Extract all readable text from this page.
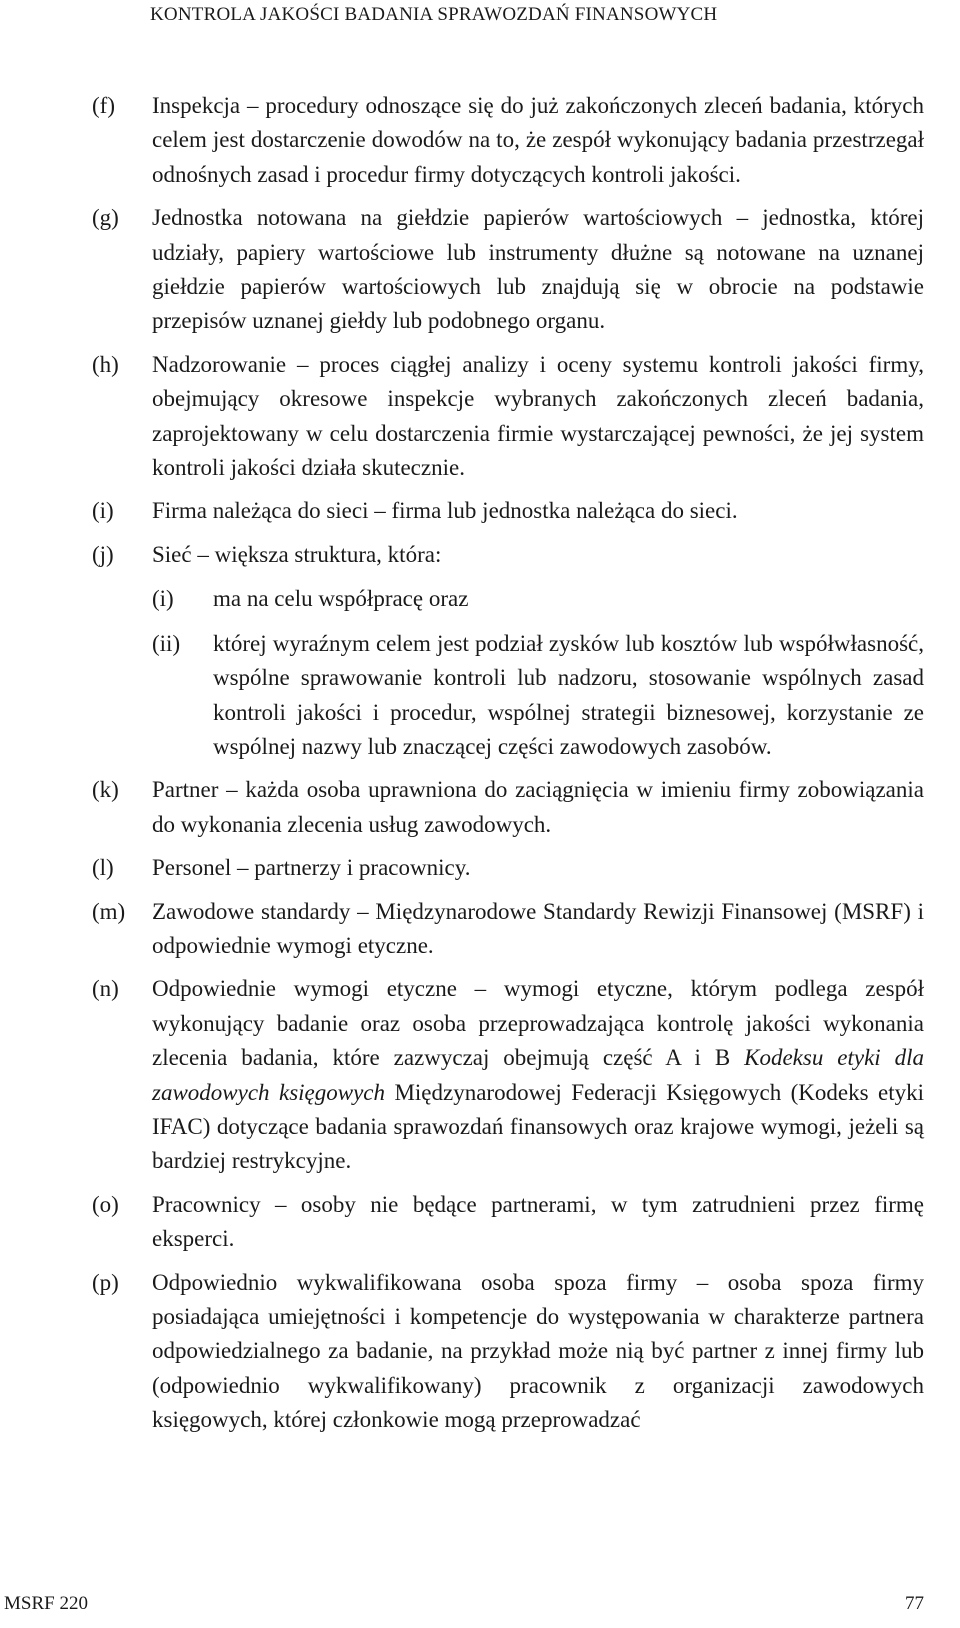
KONTROLA JAKOŚCI BADANIA SPRAWOZDAŃ FINANSOWYCH
(f) Inspekcja – procedury odnoszące się do już zakończonych zleceń badania, których celem jest dostarczenie dowodów na to, że zespół wykonujący badania przestrzegał odnośnych zasad i procedur firmy dotyczących kontroli jakości.
(g) Jednostka notowana na giełdzie papierów wartościowych – jednostka, której udziały, papiery wartościowe lub instrumenty dłużne są notowane na uznanej giełdzie papierów wartościowych lub znajdują się w obrocie na podstawie przepisów uznanej giełdy lub podobnego organu.
(h) Nadzorowanie – proces ciągłej analizy i oceny systemu kontroli jakości firmy, obejmujący okresowe inspekcje wybranych zakończonych zleceń badania, zaprojektowany w celu dostarczenia firmie wystarczającej pewności, że jej system kontroli jakości działa skutecznie.
(i) Firma należąca do sieci – firma lub jednostka należąca do sieci.
(j) Sieć – większa struktura, która:
(i) ma na celu współpracę oraz
(ii) której wyraźnym celem jest podział zysków lub kosztów lub współwłasność, wspólne sprawowanie kontroli lub nadzoru, stosowanie wspólnych zasad kontroli jakości i procedur, wspólnej strategii biznesowej, korzystanie ze wspólnej nazwy lub znaczącej części zawodowych zasobów.
(k) Partner – każda osoba uprawniona do zaciągnięcia w imieniu firmy zobowiązania do wykonania zlecenia usług zawodowych.
(l) Personel – partnerzy i pracownicy.
(m) Zawodowe standardy – Międzynarodowe Standardy Rewizji Finansowej (MSRF) i odpowiednie wymogi etyczne.
(n) Odpowiednie wymogi etyczne – wymogi etyczne, którym podlega zespół wykonujący badanie oraz osoba przeprowadzająca kontrolę jakości wykonania zlecenia badania, które zazwyczaj obejmują część A i B Kodeksu etyki dla zawodowych księgowych Międzynarodowej Federacji Księgowych (Kodeks etyki IFAC) dotyczące badania sprawozdań finansowych oraz krajowe wymogi, jeżeli są bardziej restrykcyjne.
(o) Pracownicy – osoby nie będące partnerami, w tym zatrudnieni przez firmę eksperci.
(p) Odpowiednio wykwalifikowana osoba spoza firmy – osoba spoza firmy posiadająca umiejętności i kompetencje do występowania w charakterze partnera odpowiedzialnego za badanie, na przykład może nią być partner z innej firmy lub (odpowiednio wykwalifikowany) pracownik z organizacji zawodowych księgowych, której członkowie mogą przeprowadzać
MSRF 220	77
